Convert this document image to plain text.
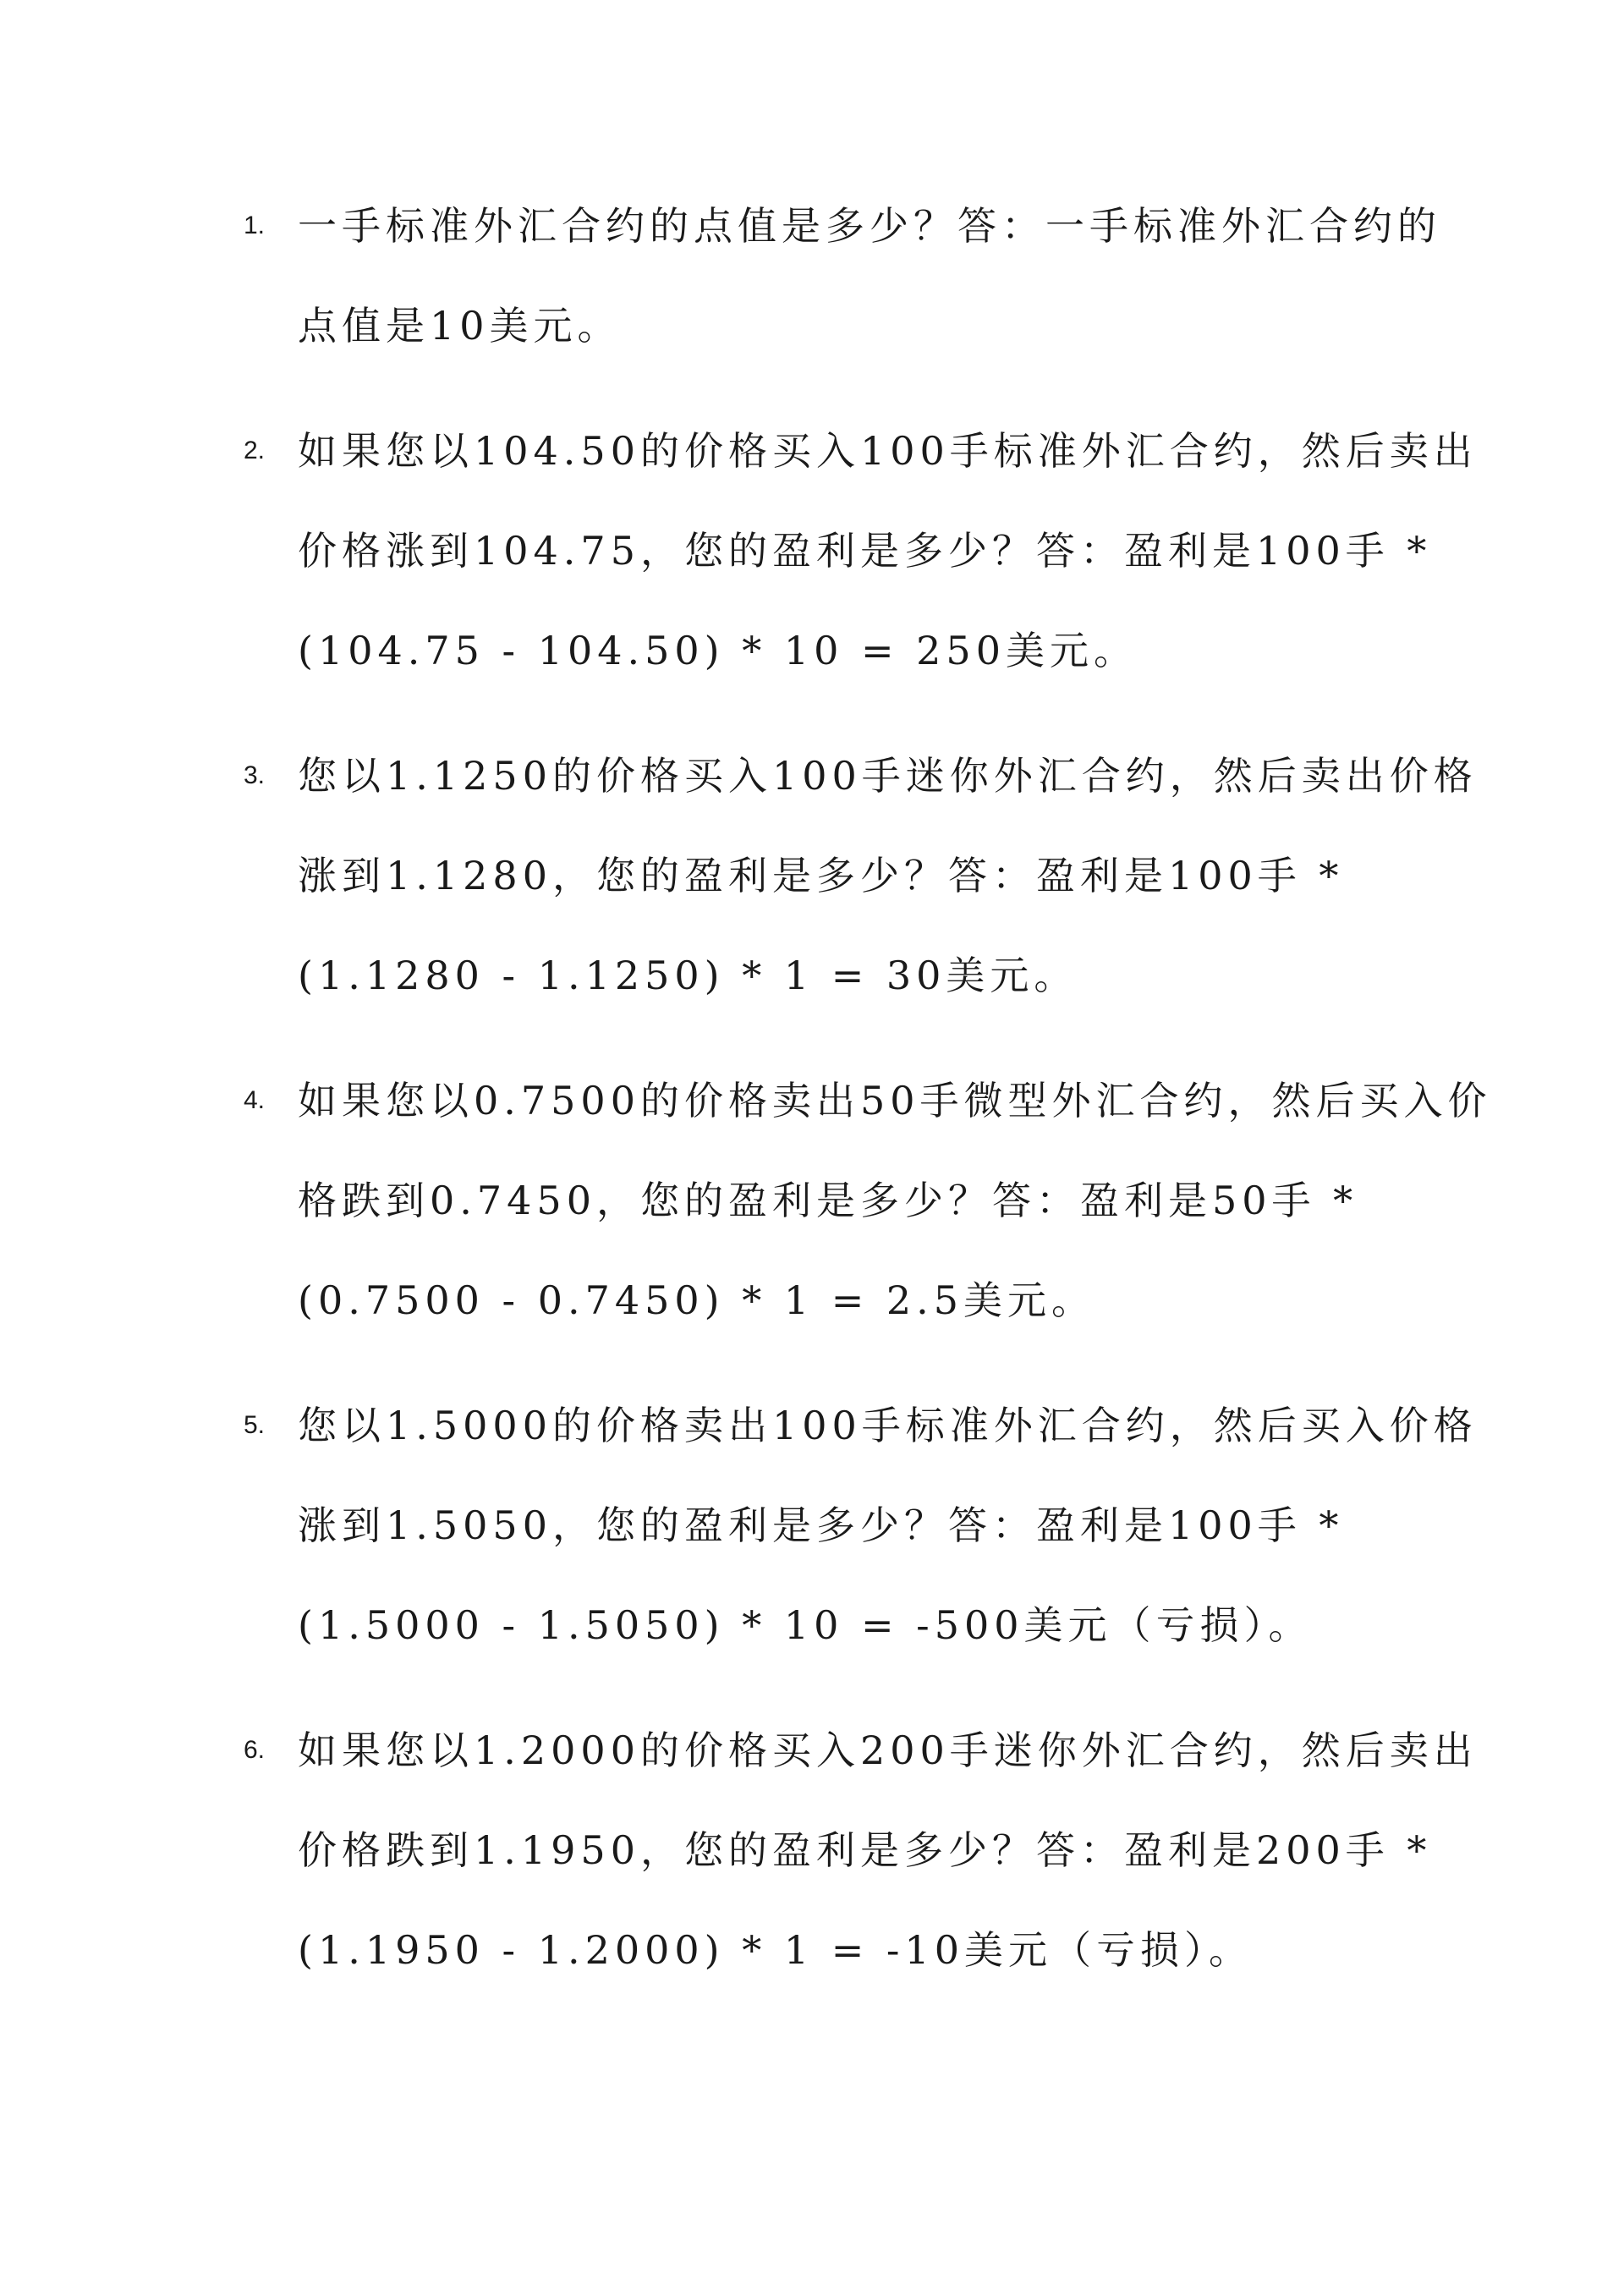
1. 一手标准外汇合约的点值是多少？答：一手标准外汇合约的
点值是10美元。
2. 如果您以104.50的价格买入100手标准外汇合约，然后卖出
价格涨到104.75，您的盈利是多少？答：盈利是100手 *
(104.75 - 104.50) * 10 = 250美元。
3. 您以1.1250的价格买入100手迷你外汇合约，然后卖出价格
涨到1.1280，您的盈利是多少？答：盈利是100手 *
(1.1280 - 1.1250) * 1 = 30美元。
4. 如果您以0.7500的价格卖出50手微型外汇合约，然后买入价
格跌到0.7450，您的盈利是多少？答：盈利是50手 *
(0.7500 - 0.7450) * 1 = 2.5美元。
5. 您以1.5000的价格卖出100手标准外汇合约，然后买入价格
涨到1.5050，您的盈利是多少？答：盈利是100手 *
(1.5000 - 1.5050) * 10 = -500美元（亏损）。
6. 如果您以1.2000的价格买入200手迷你外汇合约，然后卖出
价格跌到1.1950，您的盈利是多少？答：盈利是200手 *
(1.1950 - 1.2000) * 1 = -10美元（亏损）。
